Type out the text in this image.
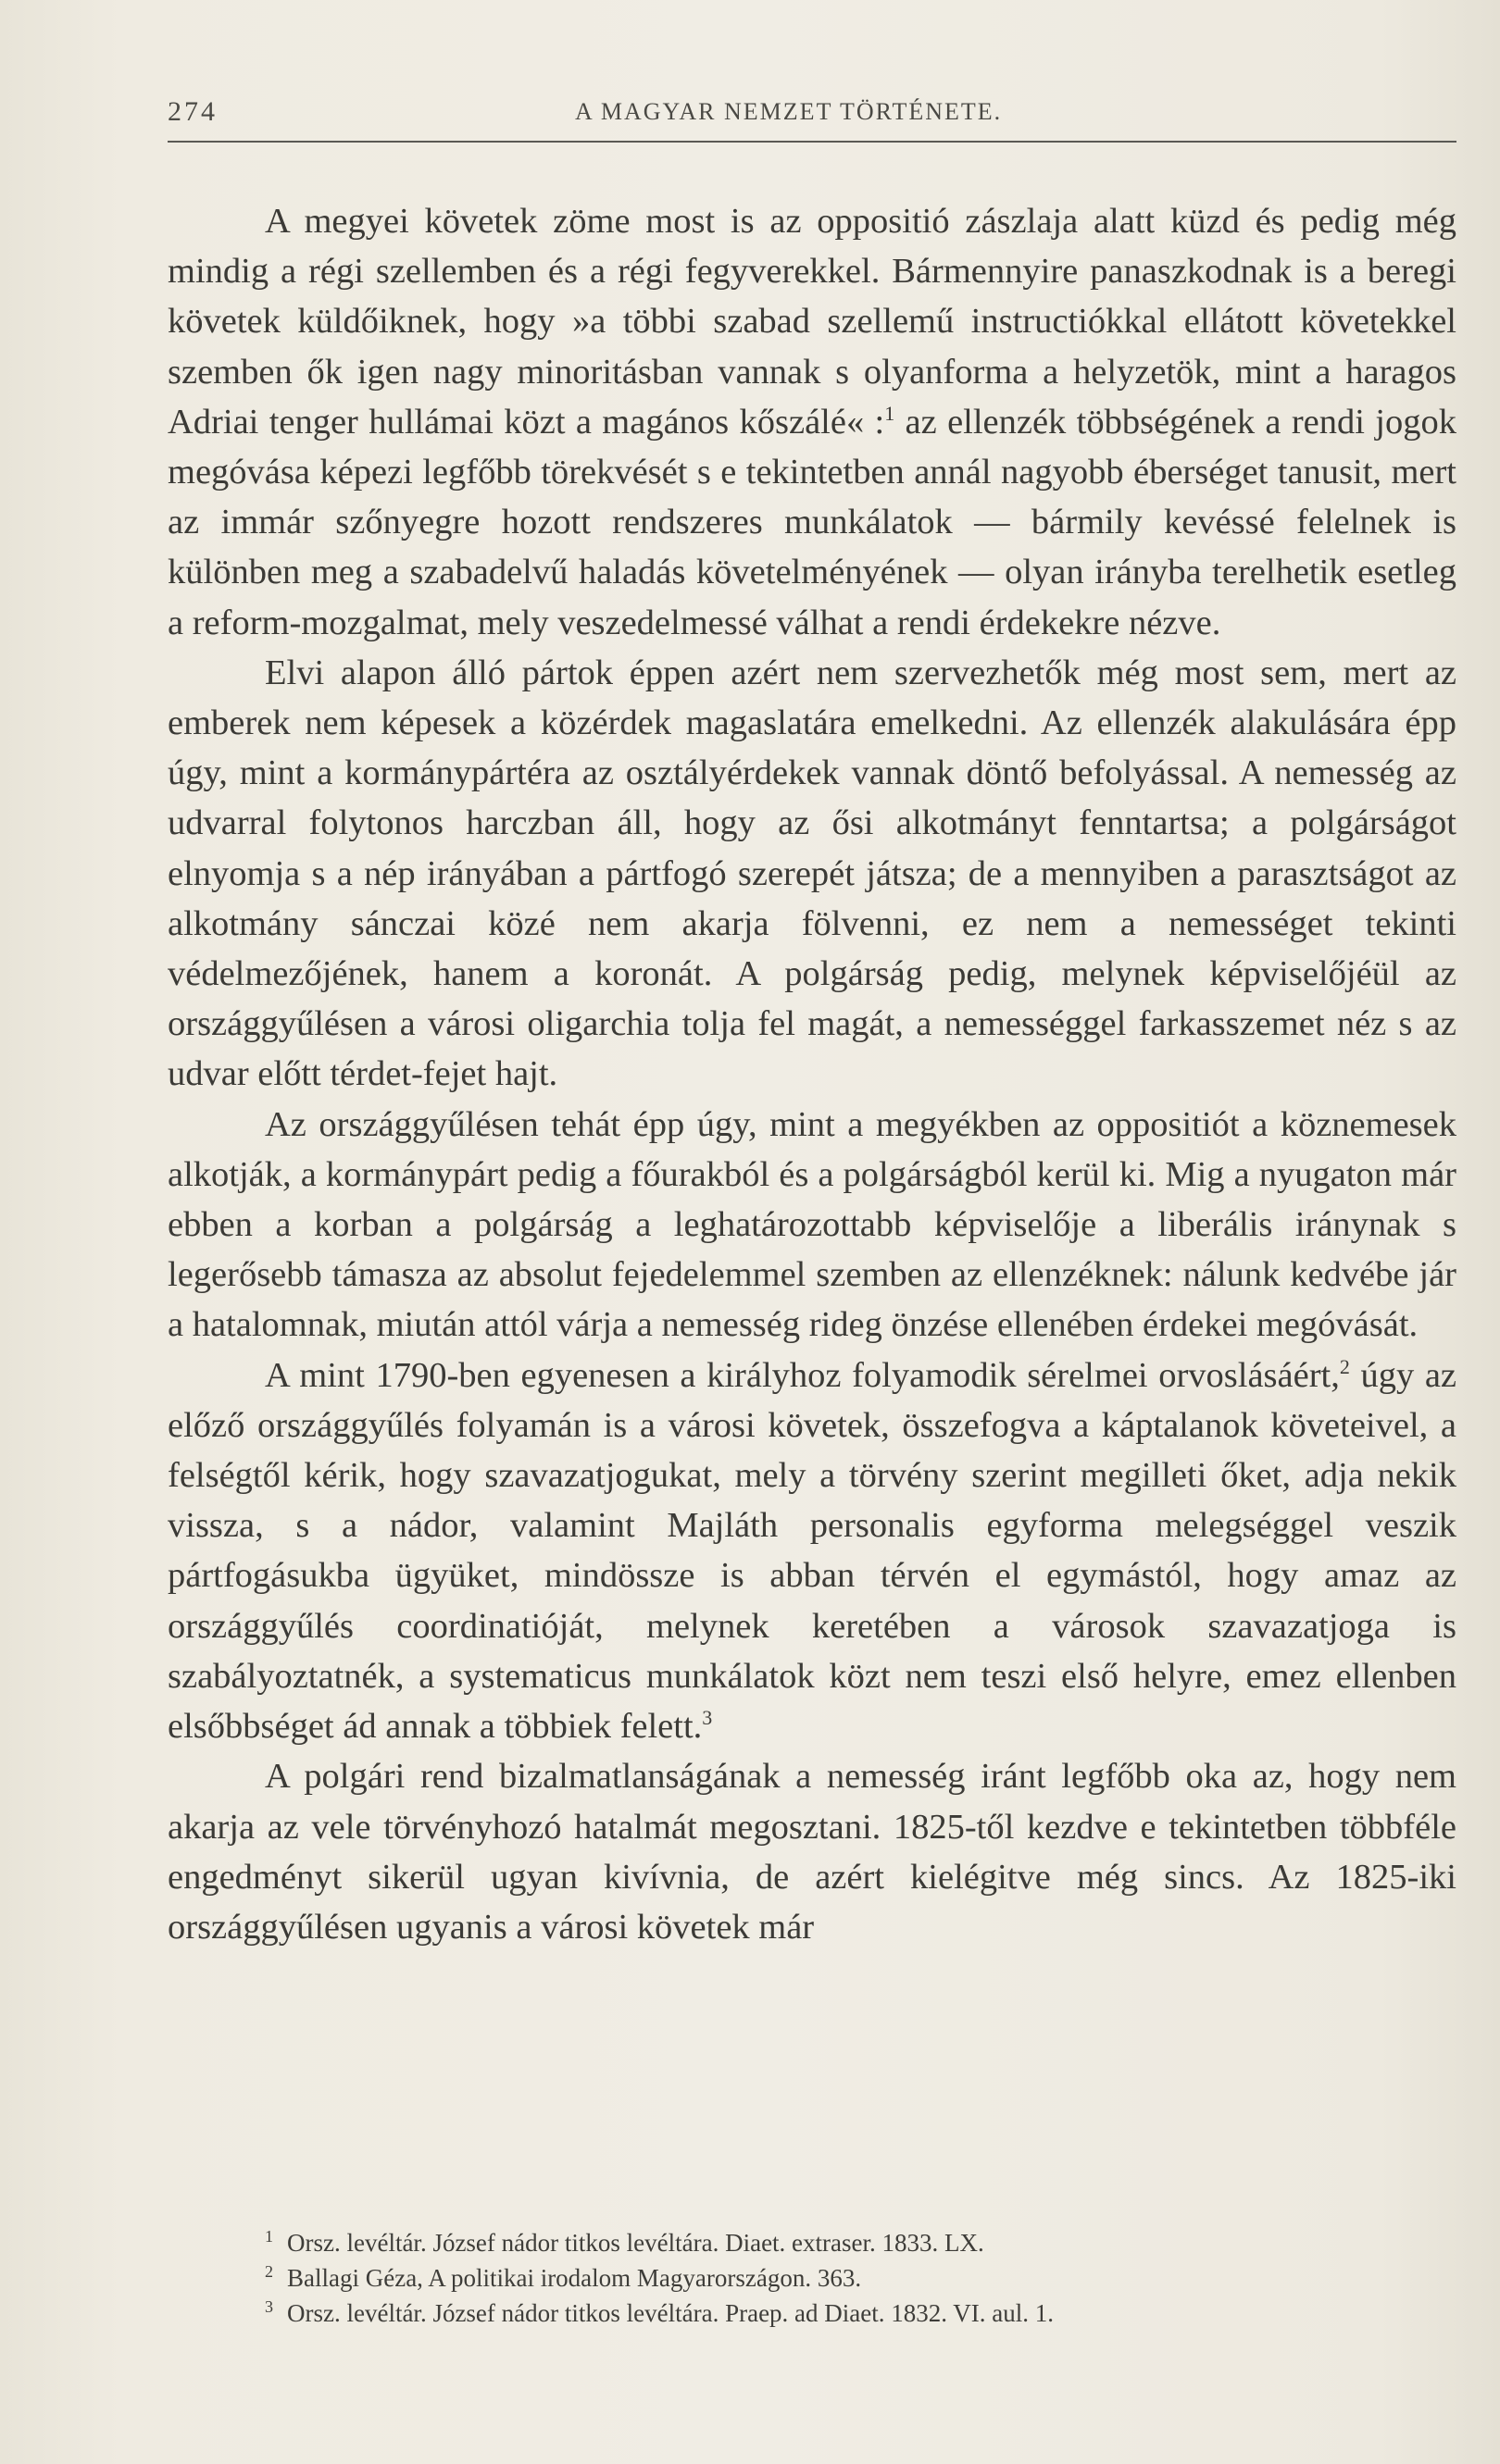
274	A MAGYAR NEMZET TÖRTÉNETE.

A megyei követek zöme most is az oppositió zászlaja alatt küzd és pedig még mindig a régi szellemben és a régi fegyverekkel. Bármennyire panaszkodnak is a beregi követek küldőiknek, hogy »a többi szabad szellemű instructiókkal ellátott követekkel szemben ők igen nagy minoritásban vannak s olyanforma a helyzetök, mint a haragos Adriai tenger hullámai közt a magános kőszálé« :$^1$ az ellenzék többségének a rendi jogok megóvása képezi legfőbb törekvését s e tekintetben annál nagyobb éberséget tanusit, mert az immár szőnyegre hozott rendszeres munkálatok — bármily kevéssé felelnek is különben meg a szabadelvű haladás követelményének — olyan irányba terelhetik esetleg a reform-mozgalmat, mely veszedelmessé válhat a rendi érdekekre nézve.

Elvi alapon álló pártok éppen azért nem szervezhetők még most sem, mert az emberek nem képesek a közérdek magaslatára emelkedni. Az ellenzék alakulására épp úgy, mint a kormánypártéra az osztályérdekek vannak döntő befolyással. A nemesség az udvarral folytonos harczban áll, hogy az ősi alkotmányt fenntartsa; a polgárságot elnyomja s a nép irányában a pártfogó szerepét játsza; de a mennyiben a parasztságot az alkotmány sánczai közé nem akarja fölvenni, ez nem a nemességet tekinti védelmezőjének, hanem a koronát. A polgárság pedig, melynek képviselőjéül az országgyűlésen a városi oligarchia tolja fel magát, a nemességgel farkasszemet néz s az udvar előtt térdet-fejet hajt.

Az országgyűlésen tehát épp úgy, mint a megyékben az oppositiót a köznemesek alkotják, a kormánypárt pedig a főurakból és a polgárságból kerül ki. Mig a nyugaton már ebben a korban a polgárság a leghatározottabb képviselője a liberális iránynak s legerősebb támasza az absolut fejedelemmel szemben az ellenzéknek: nálunk kedvébe jár a hatalomnak, miután attól várja a nemesség rideg önzése ellenében érdekei megóvását.

A mint 1790-ben egyenesen a királyhoz folyamodik sérelmei orvoslásáért,$^2$ úgy az előző országgyűlés folyamán is a városi követek, összefogva a káptalanok követeivel, a felségtől kérik, hogy szavazatjogukat, mely a törvény szerint megilleti őket, adja nekik vissza, s a nádor, valamint Majláth personalis egyforma melegséggel veszik pártfogásukba ügyüket, mindössze is abban térvén el egymástól, hogy amaz az országgyűlés coordinatióját, melynek keretében a városok szavazatjoga is szabályoztatnék, a systematicus munkálatok közt nem teszi első helyre, emez ellenben elsőbbséget ád annak a többiek felett.$^3$

A polgári rend bizalmatlanságának a nemesség iránt legfőbb oka az, hogy nem akarja az vele törvényhozó hatalmát megosztani. 1825-től kezdve e tekintetben többféle engedményt sikerül ugyan kivívnia, de azért kielégitve még sincs. Az 1825-iki országgyűlésen ugyanis a városi követek már

1 Orsz. levéltár. József nádor titkos levéltára. Diaet. extraser. 1833. LX.
2 Ballagi Géza, A politikai irodalom Magyarországon. 363.
3 Orsz. levéltár. József nádor titkos levéltára. Praep. ad Diaet. 1832. VI. aul. 1.
